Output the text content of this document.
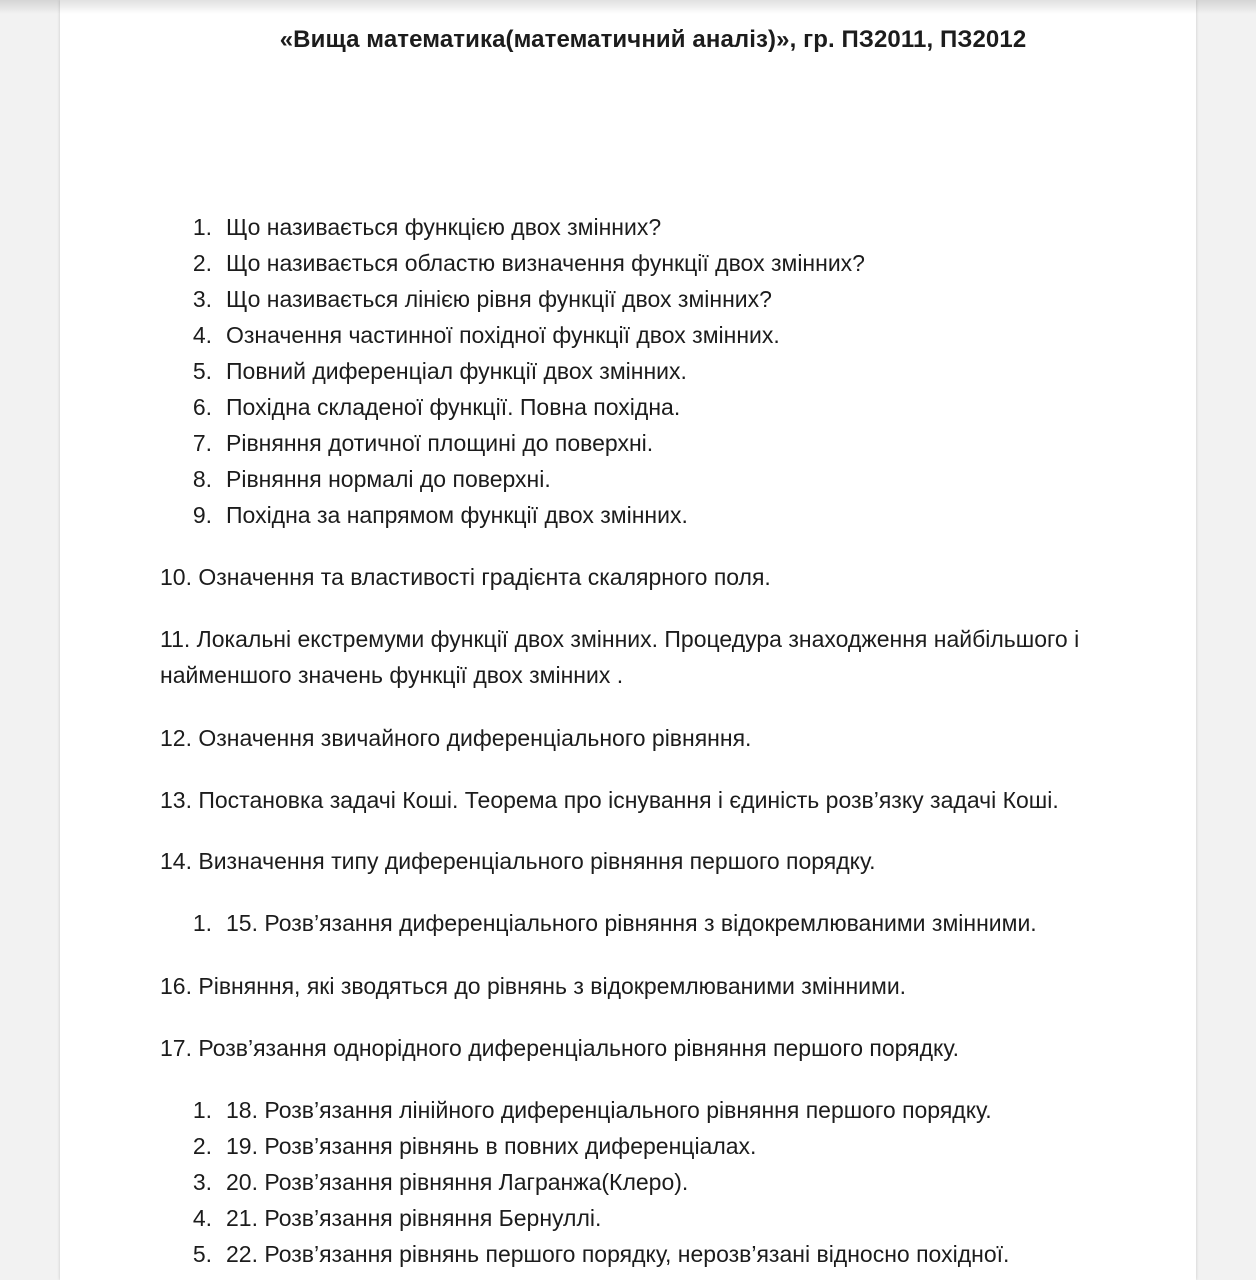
«Вища математика(математичний аналіз)», гр. ПЗ2011, ПЗ2012
1. Що називається функцією двох змінних?
2. Що називається областю визначення функції двох змінних?
3. Що називається лінією рівня функції двох змінних?
4. Означення частинної похідної функції двох змінних.
5. Повний диференціал функції двох змінних.
6. Похідна складеної функції. Повна похідна.
7. Рівняння дотичної площині до поверхні.
8. Рівняння нормалі до поверхні.
9. Похідна за напрямом функції двох змінних.
10. Означення та властивості градієнта скалярного поля.
11. Локальні екстремуми функції двох змінних. Процедура знаходження найбільшого і
найменшого значень функції двох змінних .
12. Означення звичайного диференціального рівняння.
13. Постановка задачі Коші. Теорема про існування і єдиність розв’язку задачі Коші.
14. Визначення типу диференціального рівняння першого порядку.
1. 15. Розв’язання диференціального рівняння з відокремлюваними змінними.
16. Рівняння, які зводяться до рівнянь з відокремлюваними змінними.
17. Розв’язання однорідного диференціального рівняння першого порядку.
1. 18. Розв’язання лінійного диференціального рівняння першого порядку.
2. 19. Розв’язання рівнянь в повних диференціалах.
3. 20. Розв’язання рівняння Лагранжа(Клеро).
4. 21. Розв’язання рівняння Бернуллі.
5. 22. Розв’язання рівнянь першого порядку, нерозв’язані відносно похідної.
